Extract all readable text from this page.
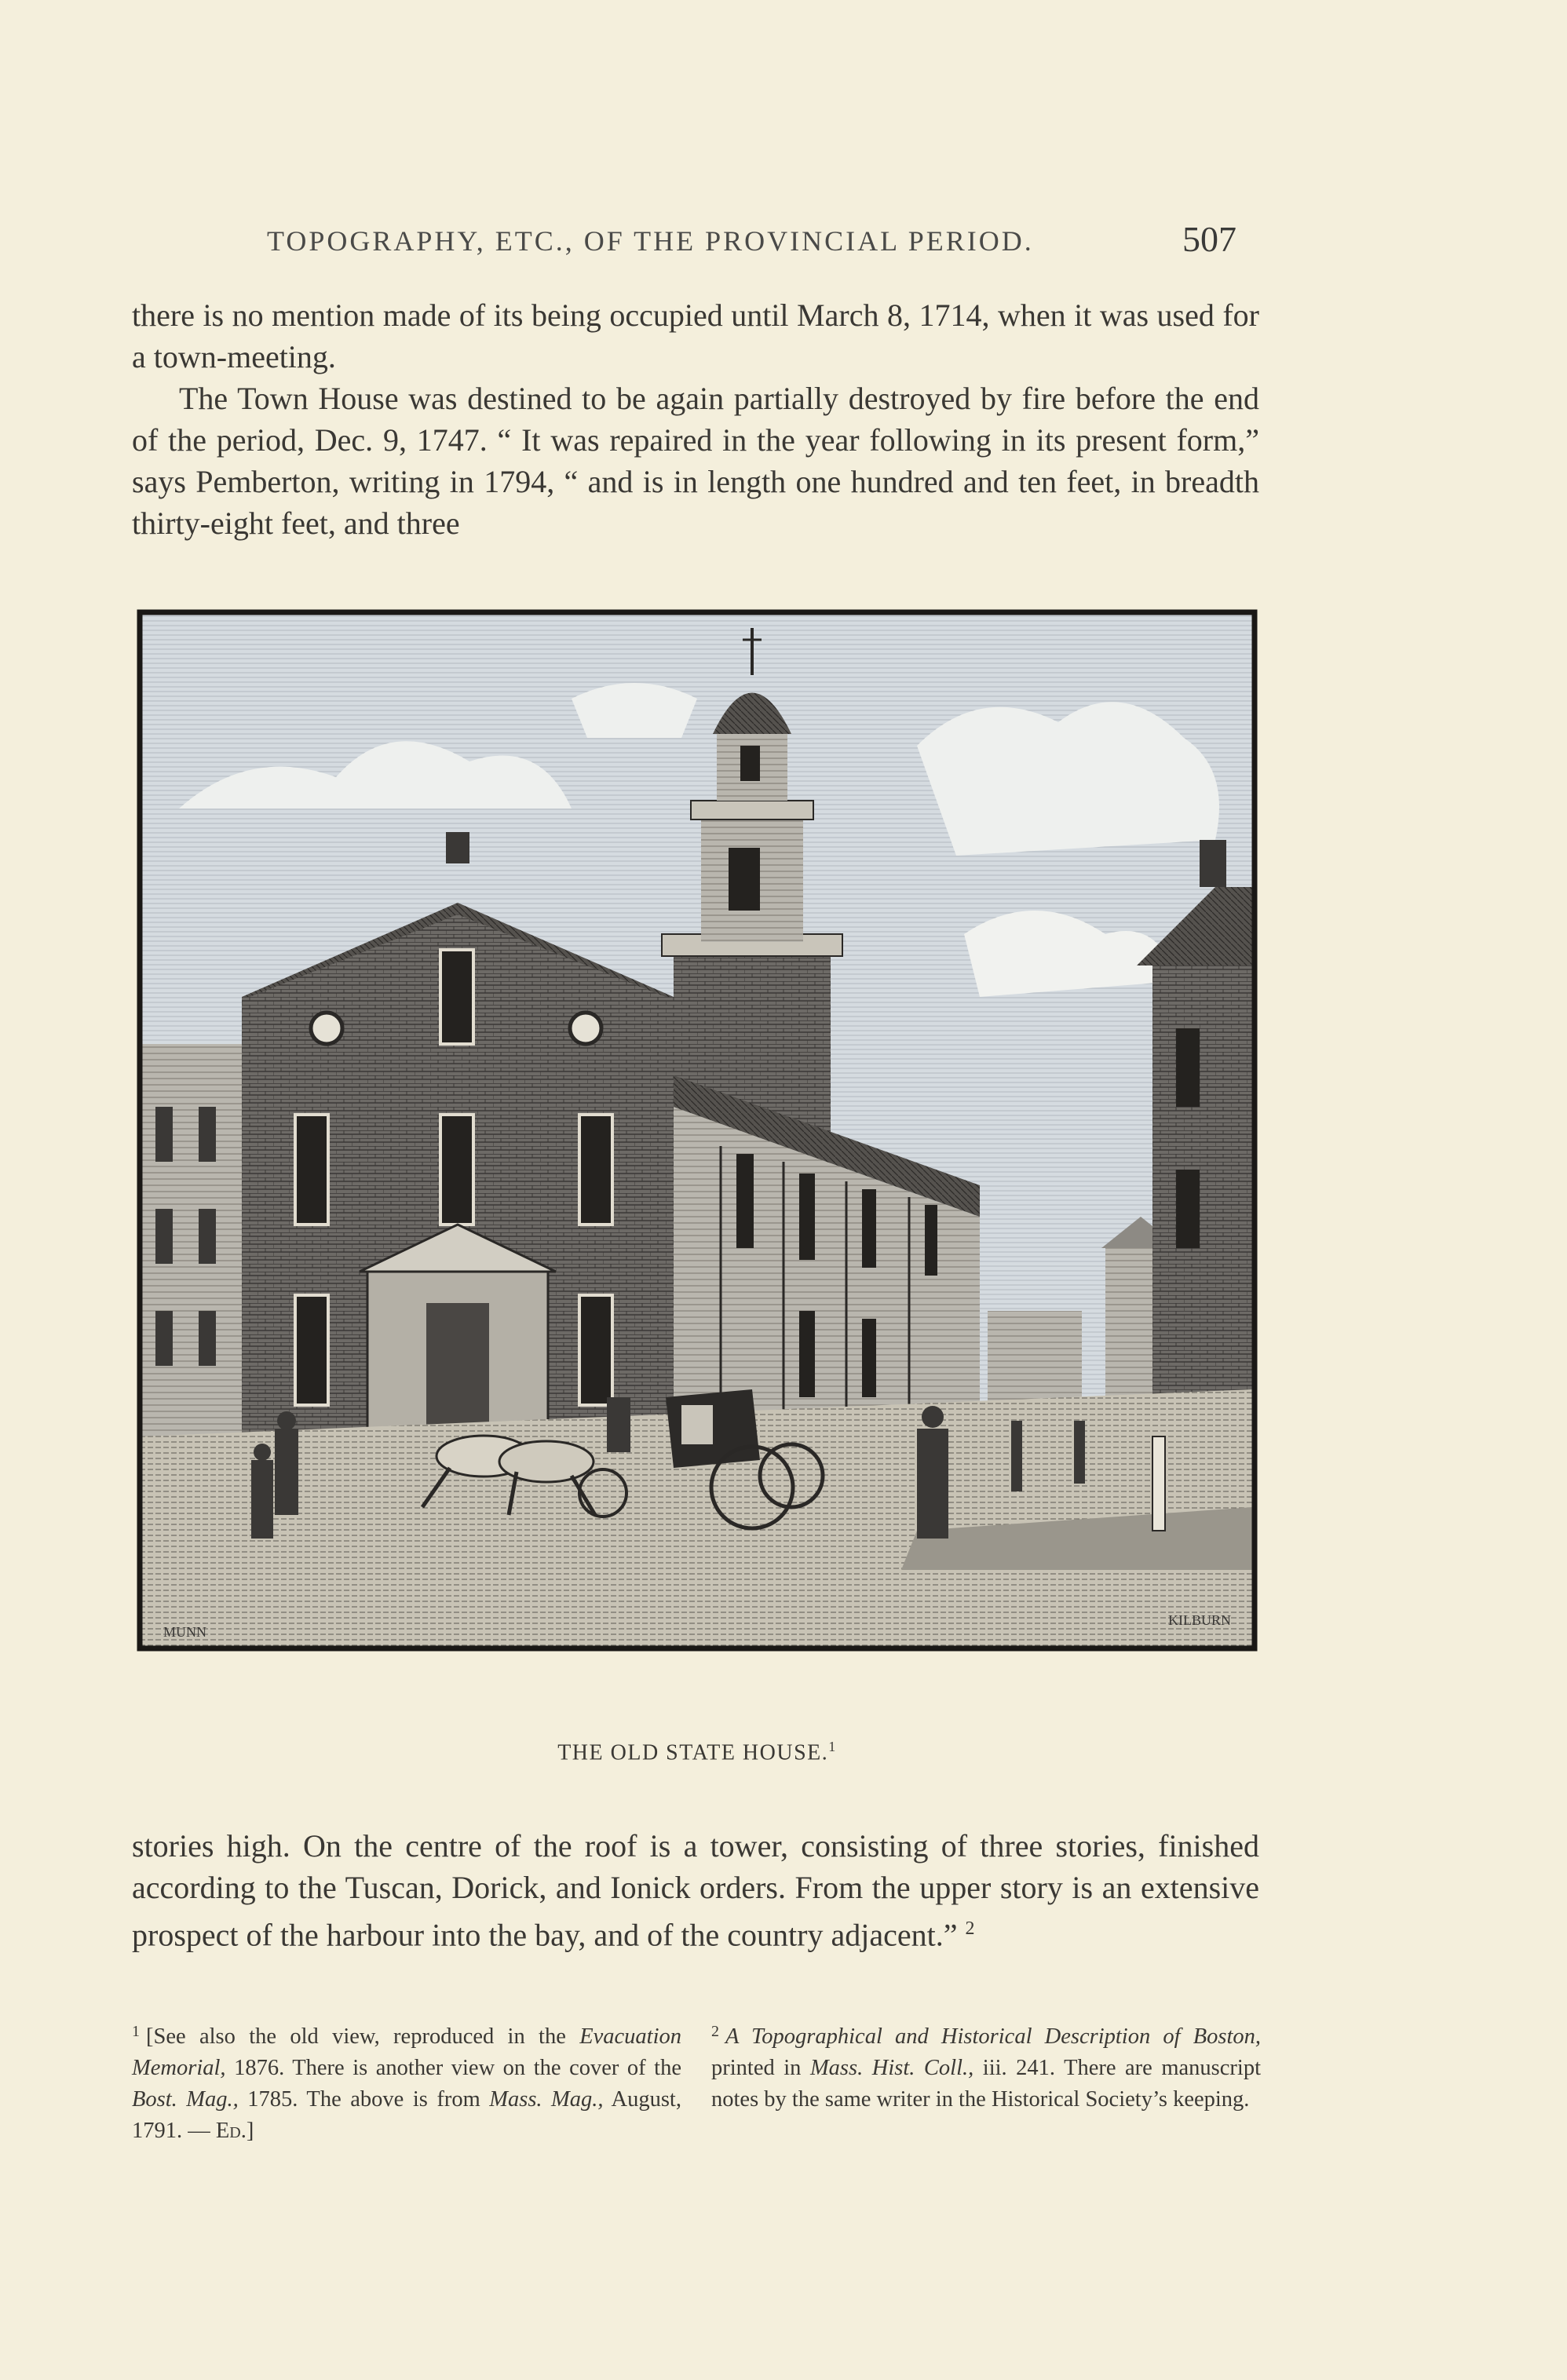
TOPOGRAPHY, ETC., OF THE PROVINCIAL PERIOD.	507

there is no mention made of its being occupied until March 8, 1714, when it was used for a town-meeting.

The Town House was destined to be again partially destroyed by fire before the end of the period, Dec. 9, 1747. “ It was repaired in the year following in its present form,” says Pemberton, writing in 1794, “ and is in length one hundred and ten feet, in breadth thirty-eight feet, and three

MUNN
KILBURN
THE OLD STATE HOUSE.$^1$

stories high. On the centre of the roof is a tower, consisting of three stories, finished according to the Tuscan, Dorick, and Ionick orders. From the upper story is an extensive prospect of the harbour into the bay, and of the country adjacent.” $^2$

$^1$ [See also the old view, reproduced in the Evacuation Memorial, 1876. There is another view on the cover of the Bost. Mag., 1785. The above is from Mass. Mag., August, 1791. — Ed.]
$^2$ A Topographical and Historical Description of Boston, printed in Mass. Hist. Coll., iii. 241. There are manuscript notes by the same writer in the Historical Society’s keeping.
